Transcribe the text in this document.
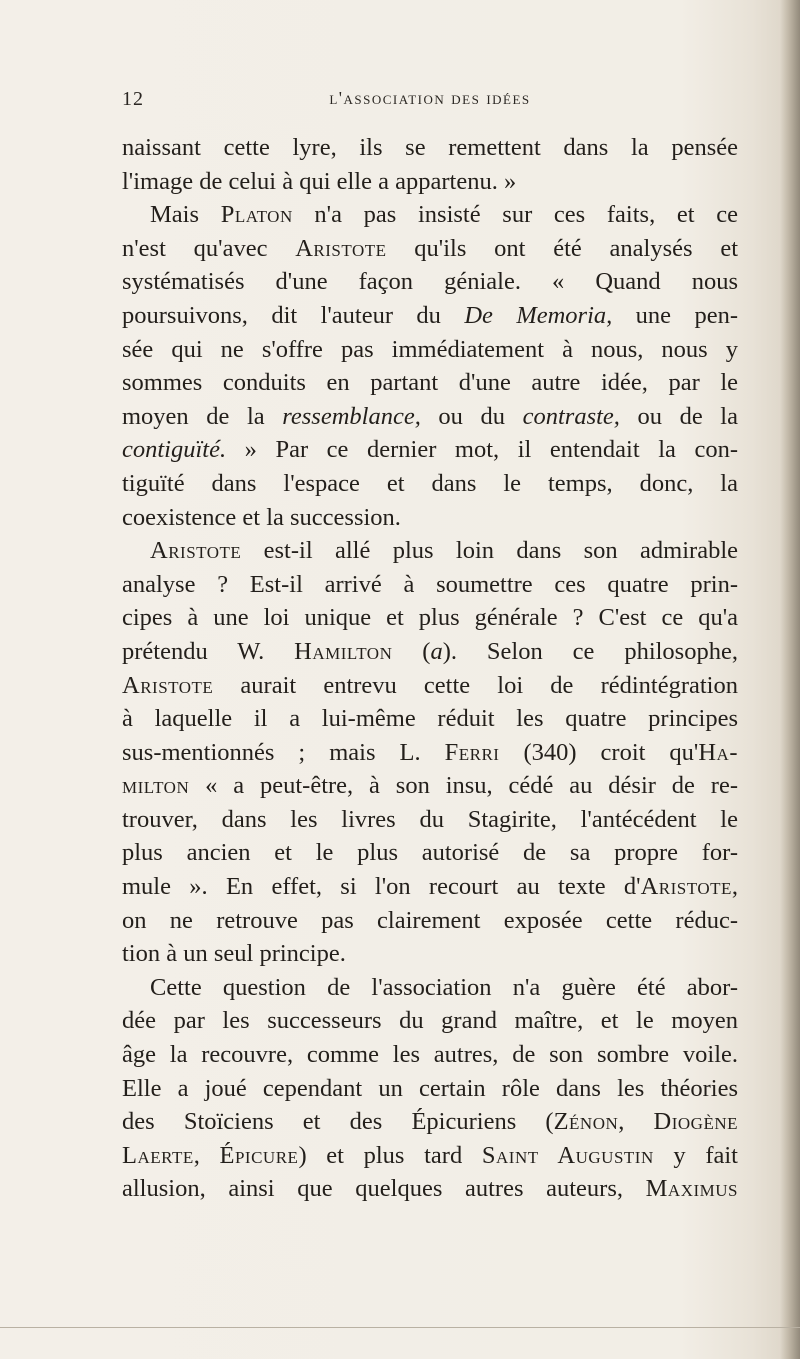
12	l'association des idées
naissant cette lyre, ils se remettent dans la pensée
l'image de celui à qui elle a appartenu. »
Mais Platon n'a pas insisté sur ces faits, et ce
n'est qu'avec Aristote qu'ils ont été analysés et
systématisés d'une façon géniale. « Quand nous
poursuivons, dit l'auteur du De Memoria, une pen-
sée qui ne s'offre pas immédiatement à nous, nous y
sommes conduits en partant d'une autre idée, par le
moyen de la ressemblance, ou du contraste, ou de la
contiguïté. » Par ce dernier mot, il entendait la con-
tiguïté dans l'espace et dans le temps, donc, la
coexistence et la succession.
Aristote est-il allé plus loin dans son admirable
analyse ? Est-il arrivé à soumettre ces quatre prin-
cipes à une loi unique et plus générale ? C'est ce qu'a
prétendu W. Hamilton (a). Selon ce philosophe,
Aristote aurait entrevu cette loi de rédintégration
à laquelle il a lui-même réduit les quatre principes
sus-mentionnés ; mais L. Ferri (340) croit qu'Ha-
milton « a peut-être, à son insu, cédé au désir de re-
trouver, dans les livres du Stagirite, l'antécédent le
plus ancien et le plus autorisé de sa propre for-
mule ». En effet, si l'on recourt au texte d'Aristote,
on ne retrouve pas clairement exposée cette réduc-
tion à un seul principe.
Cette question de l'association n'a guère été abor-
dée par les successeurs du grand maître, et le moyen
âge la recouvre, comme les autres, de son sombre voile.
Elle a joué cependant un certain rôle dans les théories
des Stoïciens et des Épicuriens (Zénon, Diogène
Laerte, Épicure) et plus tard Saint Augustin y fait
allusion, ainsi que quelques autres auteurs, Maximus
